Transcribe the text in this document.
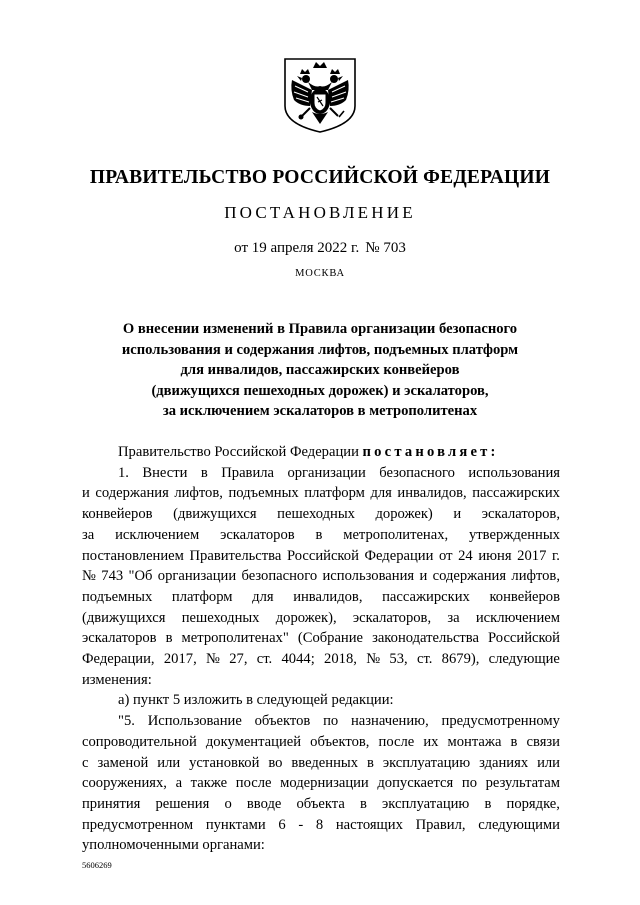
ПРАВИТЕЛЬСТВО РОССИЙСКОЙ ФЕДЕРАЦИИ
ПОСТАНОВЛЕНИЕ
от 19 апреля 2022 г. № 703
МОСКВА
О внесении изменений в Правила организации безопасного
использования и содержания лифтов, подъемных платформ
для инвалидов, пассажирских конвейеров
(движущихся пешеходных дорожек) и эскалаторов,
за исключением эскалаторов в метрополитенах
Правительство Российской Федерации постановляет:
1. Внести в Правила организации безопасного использования
и содержания лифтов, подъемных платформ для инвалидов, пассажирских
конвейеров (движущихся пешеходных дорожек) и эскалаторов,
за исключением эскалаторов в метрополитенах, утвержденных
постановлением Правительства Российской Федерации от 24 июня 2017 г.
№ 743 "Об организации безопасного использования и содержания лифтов,
подъемных платформ для инвалидов, пассажирских конвейеров
(движущихся пешеходных дорожек), эскалаторов, за исключением
эскалаторов в метрополитенах" (Собрание законодательства Российской
Федерации, 2017, № 27, ст. 4044; 2018, № 53, ст. 8679), следующие
изменения:
а) пункт 5 изложить в следующей редакции:
"5. Использование объектов по назначению, предусмотренному
сопроводительной документацией объектов, после их монтажа в связи
с заменой или установкой во введенных в эксплуатацию зданиях или
сооружениях, а также после модернизации допускается по результатам
принятия решения о вводе объекта в эксплуатацию в порядке,
предусмотренном пунктами 6 - 8 настоящих Правил, следующими
уполномоченными органами:
5606269
